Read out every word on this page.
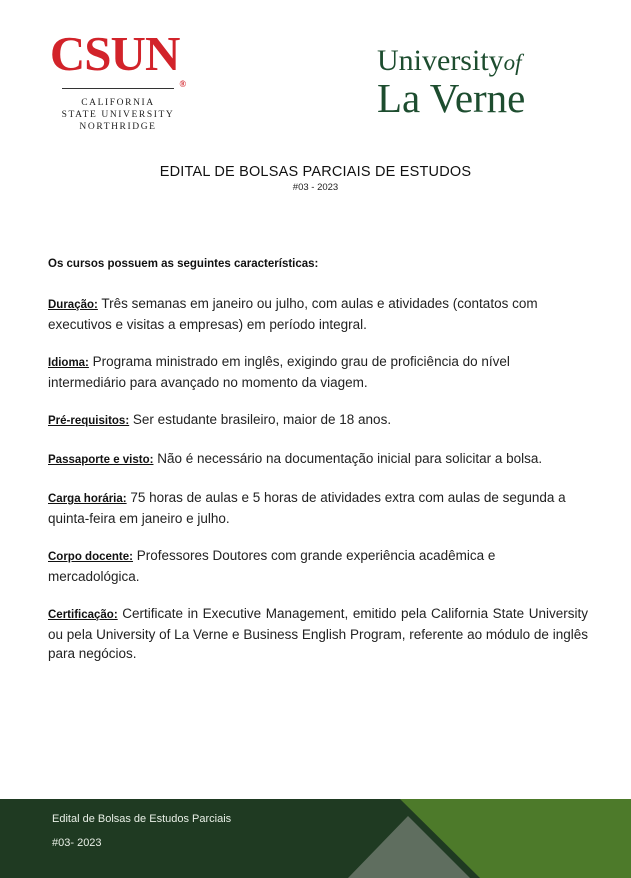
CSUN®
CALIFORNIA
STATE UNIVERSITY
NORTHRIDGE
Universityof
La Verne
EDITAL DE BOLSAS PARCIAIS DE ESTUDOS
#03 - 2023

Os cursos possuem as seguintes características:

Duração: Três semanas em janeiro ou julho, com aulas e atividades (contatos com executivos e visitas a empresas) em período integral.

Idioma: Programa ministrado em inglês, exigindo grau de proficiência do nível intermediário para avançado no momento da viagem.

Pré-requisitos: Ser estudante brasileiro, maior de 18 anos.

Passaporte e visto: Não é necessário na documentação inicial para solicitar a bolsa.

Carga horária: 75 horas de aulas e 5 horas de atividades extra com aulas de segunda a quinta-feira em janeiro e julho.

Corpo docente: Professores Doutores com grande experiência acadêmica e mercadológica.

Certificação: Certificate in Executive Management, emitido pela California State University ou pela University of La Verne e Business English Program, referente ao módulo de inglês para negócios.

Edital de Bolsas de Estudos Parciais
#03- 2023
